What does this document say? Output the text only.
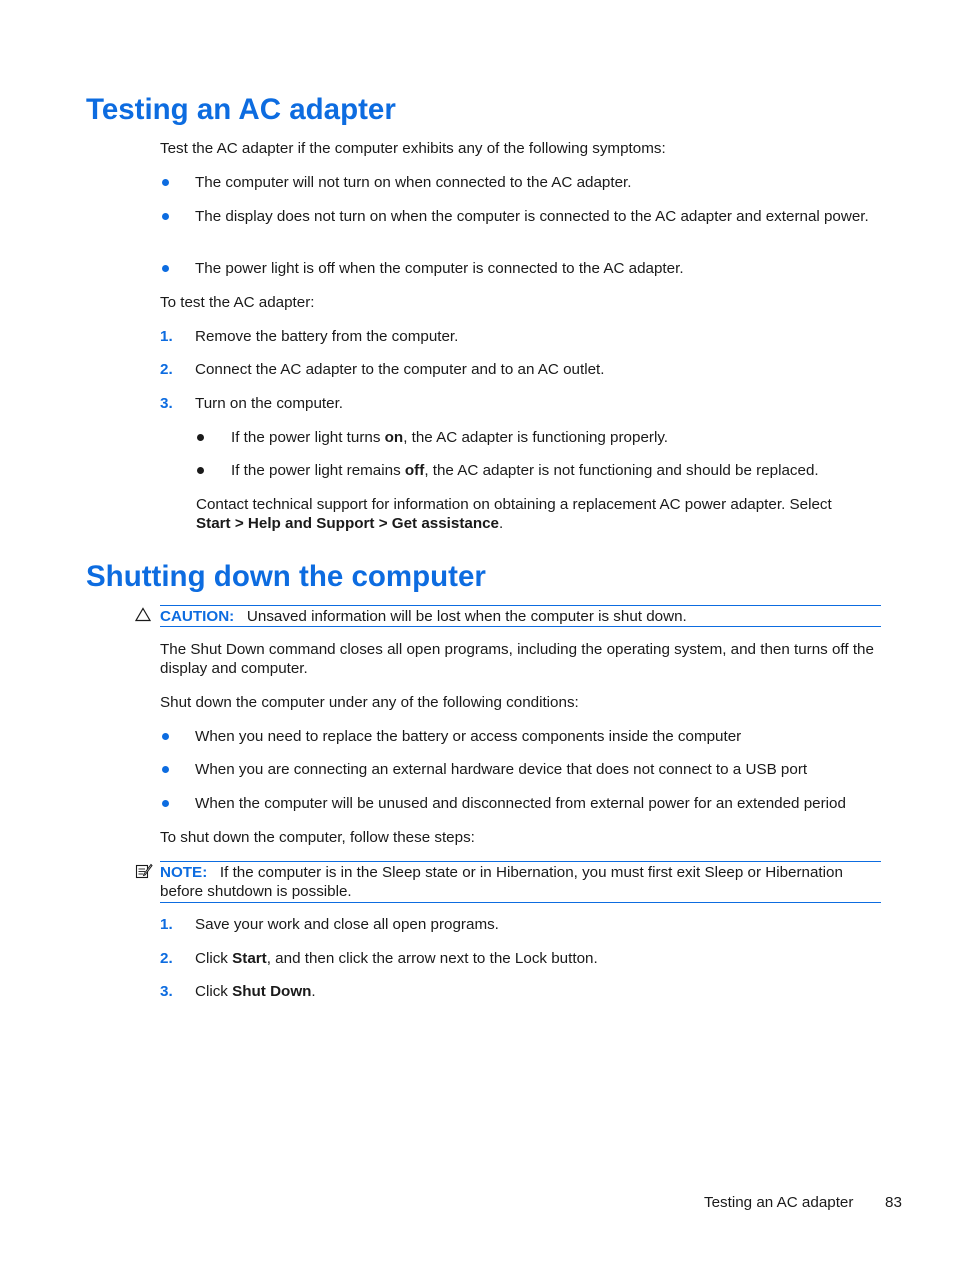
Testing an AC adapter

Test the AC adapter if the computer exhibits any of the following symptoms:

The computer will not turn on when connected to the AC adapter.
The display does not turn on when the computer is connected to the AC adapter and external power.
The power light is off when the computer is connected to the AC adapter.

To test the AC adapter:

1.	Remove the battery from the computer.
2.	Connect the AC adapter to the computer and to an AC outlet.
3.	Turn on the computer.
If the power light turns on, the AC adapter is functioning properly.
If the power light remains off, the AC adapter is not functioning and should be replaced.

Contact technical support for information on obtaining a replacement AC power adapter. Select
Start > Help and Support > Get assistance.

Shutting down the computer
CAUTION: Unsaved information will be lost when the computer is shut down.

The Shut Down command closes all open programs, including the operating system, and then turns off the display and computer.

Shut down the computer under any of the following conditions:

When you need to replace the battery or access components inside the computer
When you are connecting an external hardware device that does not connect to a USB port
When the computer will be unused and disconnected from external power for an extended period

To shut down the computer, follow these steps:

NOTE: If the computer is in the Sleep state or in Hibernation, you must first exit Sleep or Hibernation before shutdown is possible.
1.	Save your work and close all open programs.
2.	Click Start, and then click the arrow next to the Lock button.
3.	Click Shut Down.
Testing an AC adapter 83
